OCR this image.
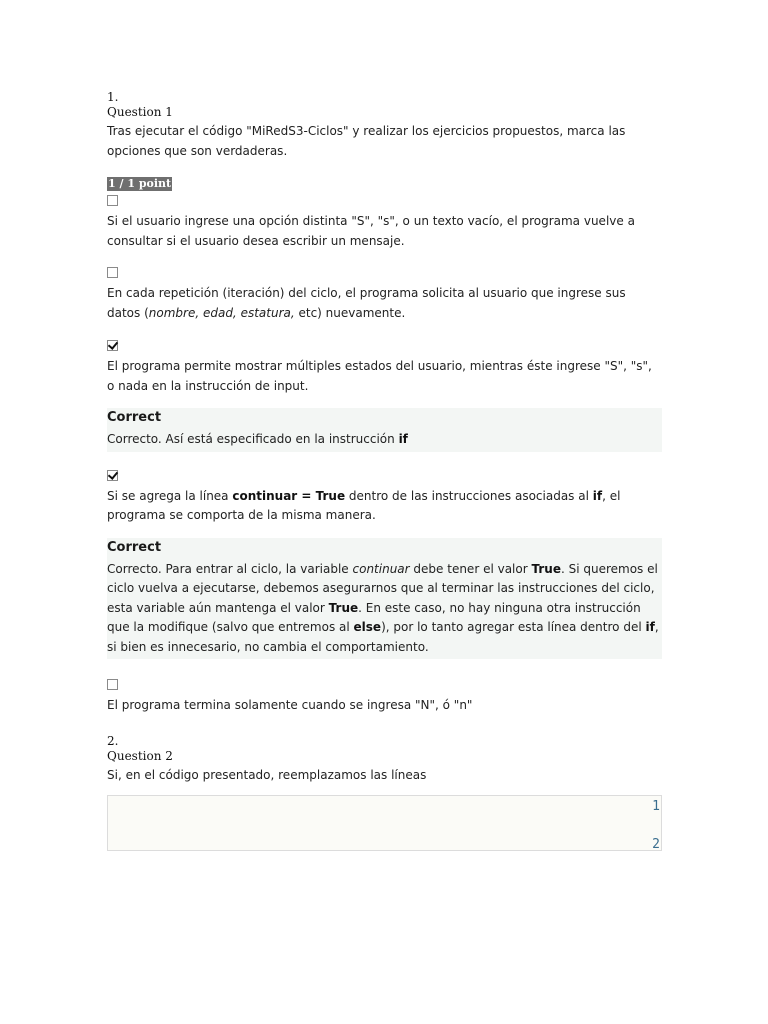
1.

Question 1

Tras ejecutar el código "MiRedS3-Ciclos" y realizar los ejercicios propuestos, marca las opciones que son verdaderas.

1 / 1 point

Si el usuario ingrese una opción distinta "S", "s", o un texto vacío, el programa vuelve a consultar si el usuario desea escribir un mensaje.

En cada repetición (iteración) del ciclo, el programa solicita al usuario que ingrese sus datos (nombre, edad, estatura, etc) nuevamente.

El programa permite mostrar múltiples estados del usuario, mientras éste ingrese "S", "s", o nada en la instrucción de input.

Correct

Correcto. Así está especificado en la instrucción if

Si se agrega la línea continuar = True dentro de las instrucciones asociadas al if, el programa se comporta de la misma manera.

Correct

Correcto. Para entrar al ciclo, la variable continuar debe tener el valor True. Si queremos el ciclo vuelva a ejecutarse, debemos asegurarnos que al terminar las instrucciones del ciclo, esta variable aún mantenga el valor True. En este caso, no hay ninguna otra instrucción que la modifique (salvo que entremos al else), por lo tanto agregar esta línea dentro del if, si bien es innecesario, no cambia el comportamiento.

El programa termina solamente cuando se ingresa "N", ó "n"

2.

Question 2

Si, en el código presentado, reemplazamos las líneas

1
2
